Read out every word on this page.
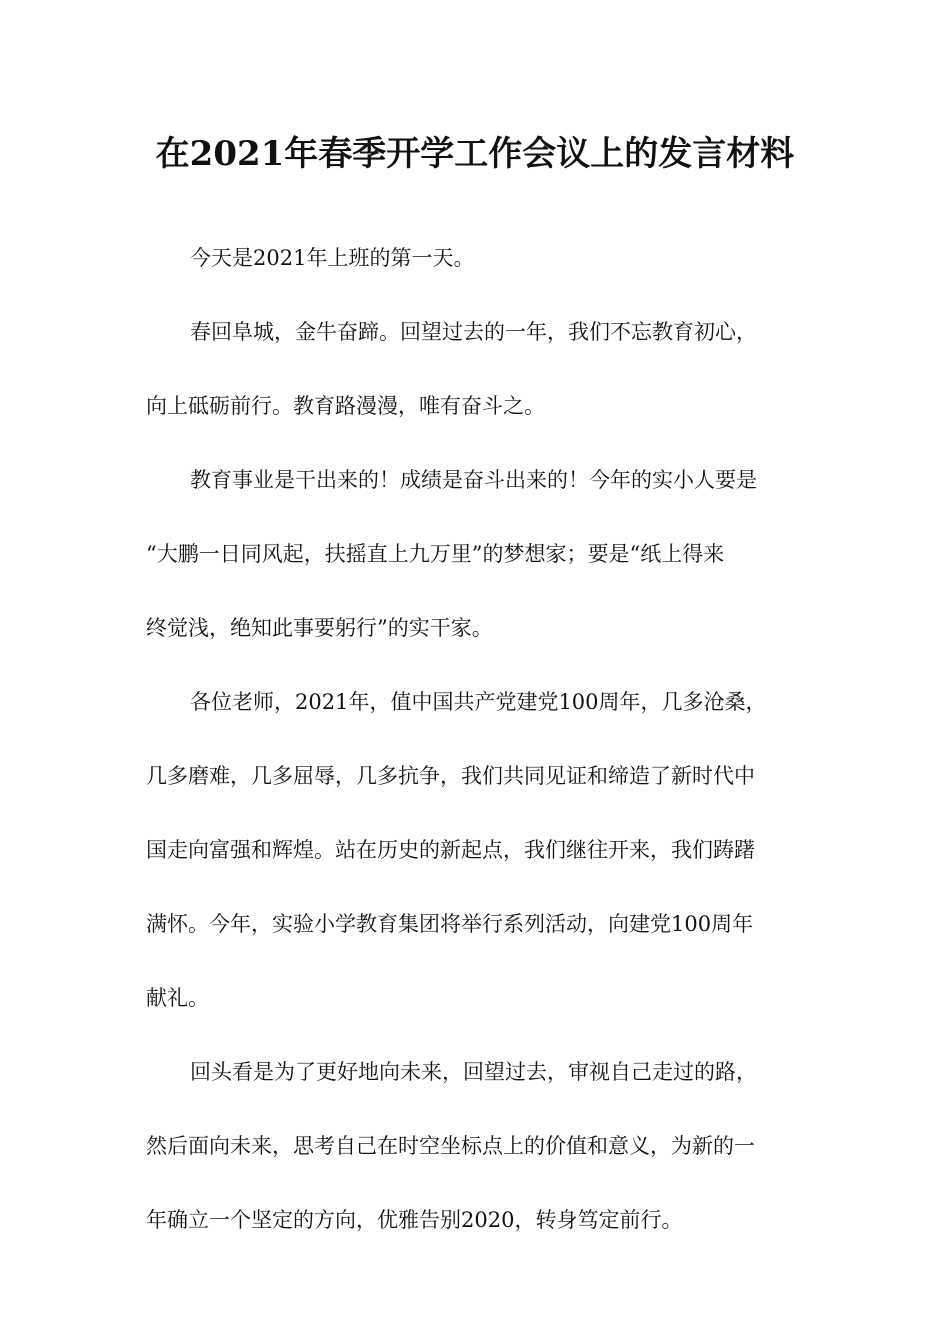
在2021年春季开学工作会议上的发言材料
今天是2021年上班的第一天。
春回阜城，金牛奋蹄。回望过去的一年，我们不忘教育初心，
向上砥砺前行。教育路漫漫，唯有奋斗之。
教育事业是干出来的！成绩是奋斗出来的！今年的实小人要是
“大鹏一日同风起，扶摇直上九万里”的梦想家；要是“纸上得来
终觉浅，绝知此事要躬行”的实干家。
各位老师，2021年，值中国共产党建党100周年，几多沧桑，
几多磨难，几多屈辱，几多抗争，我们共同见证和缔造了新时代中
国走向富强和辉煌。站在历史的新起点，我们继往开来，我们踌躇
满怀。今年，实验小学教育集团将举行系列活动，向建党100周年
献礼。
回头看是为了更好地向未来，回望过去，审视自己走过的路，
然后面向未来，思考自己在时空坐标点上的价值和意义，为新的一
年确立一个坚定的方向，优雅告别2020，转身笃定前行。
